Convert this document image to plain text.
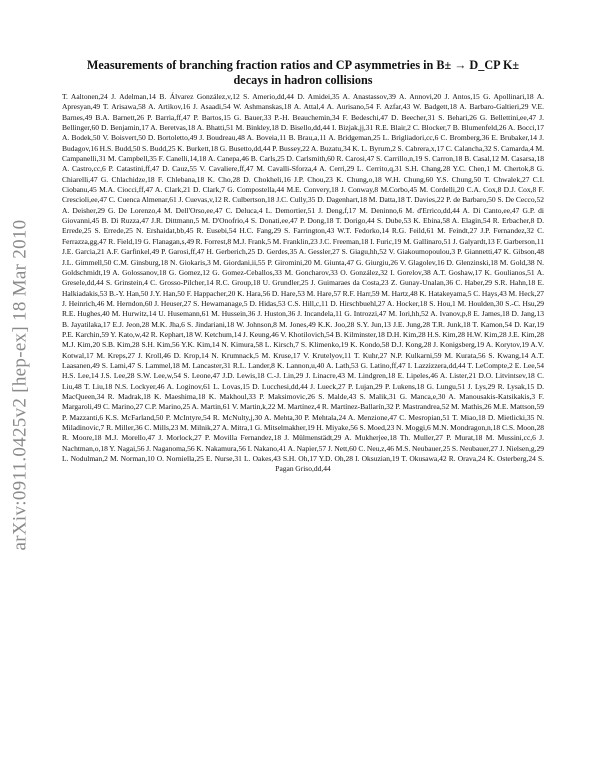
arXiv:0911.0425v2 [hep-ex] 18 Mar 2010
Measurements of branching fraction ratios and CP asymmetries in B± → D_CP K±
decays in hadron collisions
T. Aaltonen,24 J. Adelman,14 B. Álvarez González,v,12 S. Amerio,dd,44 D. Amidei,35 A. Anastassov,39 A. Annovi,20 J. Antos,15 G. Apollinari,18 A. Apresyan,49 T. Arisawa,58 A. Artikov,16 J. Asaadi,54 W. Ashmanskas,18 A. Attal,4 A. Aurisano,54 F. Azfar,43 W. Badgett,18 A. Barbaro-Galtieri,29 V.E. Barnes,49 B.A. Barnett,26 P. Barria,ff,47 P. Bartos,15 G. Bauer,33 P.-H. Beauchemin,34 F. Bedeschi,47 D. Beecher,31 S. Behari,26 G. Bellettini,ee,47 J. Bellinger,60 D. Benjamin,17 A. Beretvas,18 A. Bhatti,51 M. Binkley,18 D. Bisello,dd,44 I. Bizjak,jj,31 R.E. Blair,2 C. Blocker,7 B. Blumenfeld,26 A. Bocci,17 A. Bodek,50 V. Boisvert,50 D. Bortoletto,49 J. Boudreau,48 A. Boveia,11 B. Brau,a,11 A. Bridgeman,25 L. Brigliadori,cc,6 C. Bromberg,36 E. Brubaker,14 J. Budagov,16 H.S. Budd,50 S. Budd,25 K. Burkett,18 G. Busetto,dd,44 P. Bussey,22 A. Buzatu,34 K. L. Byrum,2 S. Cabrera,x,17 C. Calancha,32 S. Camarda,4 M. Campanelli,31 M. Campbell,35 F. Canelli,14,18 A. Canepa,46 B. Carls,25 D. Carlsmith,60 R. Carosi,47 S. Carrillo,n,19 S. Carron,18 B. Casal,12 M. Casarsa,18 A. Castro,cc,6 P. Catastini,ff,47 D. Cauz,55 V. Cavaliere,ff,47 M. Cavalli-Sforza,4 A. Cerri,29 L. Cerrito,q,31 S.H. Chang,28 Y.C. Chen,1 M. Chertok,8 G. Chiarelli,47 G. Chlachidze,18 F. Chlebana,18 K. Cho,28 D. Chokheli,16 J.P. Chou,23 K. Chung,o,18 W.H. Chung,60 Y.S. Chung,50 T. Chwalek,27 C.I. Ciobanu,45 M.A. Ciocci,ff,47 A. Clark,21 D. Clark,7 G. Compostella,44 M.E. Convery,18 J. Conway,8 M.Corbo,45 M. Cordelli,20 C.A. Cox,8 D.J. Cox,8 F. Crescioli,ee,47 C. Cuenca Almenar,61 J. Cuevas,v,12 R. Culbertson,18 J.C. Cully,35 D. Dagenhart,18 M. Datta,18 T. Davies,22 P. de Barbaro,50 S. De Cecco,52 A. Deisher,29 G. De Lorenzo,4 M. Dell'Orso,ee,47 C. Deluca,4 L. Demortier,51 J. Deng,f,17 M. Deninno,6 M. d'Errico,dd,44 A. Di Canto,ee,47 G.P. di Giovanni,45 B. Di Ruzza,47 J.R. Dittmann,5 M. D'Onofrio,4 S. Donati,ee,47 P. Dong,18 T. Dorigo,44 S. Dube,53 K. Ebina,58 A. Elagin,54 R. Erbacher,8 D. Errede,25 S. Errede,25 N. Ershaidat,bb,45 R. Eusebi,54 H.C. Fang,29 S. Farrington,43 W.T. Fedorko,14 R.G. Feild,61 M. Feindt,27 J.P. Fernandez,32 C. Ferrazza,gg,47 R. Field,19 G. Flanagan,s,49 R. Forrest,8 M.J. Frank,5 M. Franklin,23 J.C. Freeman,18 I. Furic,19 M. Gallinaro,51 J. Galyardt,13 F. Garberson,11 J.E. Garcia,21 A.F. Garfinkel,49 P. Garosi,ff,47 H. Gerberich,25 D. Gerdes,35 A. Gessler,27 S. Giagu,hh,52 V. Giakoumopoulou,3 P. Giannetti,47 K. Gibson,48 J.L. Gimmell,50 C.M. Ginsburg,18 N. Giokaris,3 M. Giordani,ii,55 P. Giromini,20 M. Giunta,47 G. Giurgiu,26 V. Glagolev,16 D. Glenzinski,18 M. Gold,38 N. Goldschmidt,19 A. Golossanov,18 G. Gomez,12 G. Gomez-Ceballos,33 M. Goncharov,33 O. González,32 I. Gorelov,38 A.T. Goshaw,17 K. Goulianos,51 A. Gresele,dd,44 S. Grinstein,4 C. Grosso-Pilcher,14 R.C. Group,18 U. Grundler,25 J. Guimaraes da Costa,23 Z. Gunay-Unalan,36 C. Haber,29 S.R. Hahn,18 E. Halkiadakis,53 B.-Y. Han,50 J.Y. Han,50 F. Happacher,20 K. Hara,56 D. Hare,53 M. Hare,57 R.F. Harr,59 M. Hartz,48 K. Hatakeyama,5 C. Hays,43 M. Heck,27 J. Heinrich,46 M. Herndon,60 J. Heuser,27 S. Hewamanage,5 D. Hidas,53 C.S. Hill,c,11 D. Hirschbuehl,27 A. Hocker,18 S. Hou,1 M. Houlden,30 S.-C. Hsu,29 R.E. Hughes,40 M. Hurwitz,14 U. Husemann,61 M. Hussein,36 J. Huston,36 J. Incandela,11 G. Introzzi,47 M. Iori,hh,52 A. Ivanov,p,8 E. James,18 D. Jang,13 B. Jayatilaka,17 E.J. Jeon,28 M.K. Jha,6 S. Jindariani,18 W. Johnson,8 M. Jones,49 K.K. Joo,28 S.Y. Jun,13 J.E. Jung,28 T.R. Junk,18 T. Kamon,54 D. Kar,19 P.E. Karchin,59 Y. Kato,w,42 R. Kephart,18 W. Ketchum,14 J. Keung,46 V. Khotilovich,54 B. Kilminster,18 D.H. Kim,28 H.S. Kim,28 H.W. Kim,28 J.E. Kim,28 M.J. Kim,20 S.B. Kim,28 S.H. Kim,56 Y.K. Kim,14 N. Kimura,58 L. Kirsch,7 S. Klimenko,19 K. Kondo,58 D.J. Kong,28 J. Konigsberg,19 A. Korytov,19 A.V. Kotwal,17 M. Kreps,27 J. Kroll,46 D. Krop,14 N. Krumnack,5 M. Kruse,17 V. Krutelyov,11 T. Kuhr,27 N.P. Kulkarni,59 M. Kurata,56 S. Kwang,14 A.T. Laasanen,49 S. Lami,47 S. Lammel,18 M. Lancaster,31 R.L. Lander,8 K. Lannon,u,40 A. Lath,53 G. Latino,ff,47 I. Lazzizzera,dd,44 T. LeCompte,2 E. Lee,54 H.S. Lee,14 J.S. Lee,28 S.W. Lee,w,54 S. Leone,47 J.D. Lewis,18 C.-J. Lin,29 J. Linacre,43 M. Lindgren,18 E. Lipeles,46 A. Lister,21 D.O. Litvintsev,18 C. Liu,48 T. Liu,18 N.S. Lockyer,46 A. Loginov,61 L. Lovas,15 D. Lucchesi,dd,44 J. Lueck,27 P. Lujan,29 P. Lukens,18 G. Lungu,51 J. Lys,29 R. Lysak,15 D. MacQueen,34 R. Madrak,18 K. Maeshima,18 K. Makhoul,33 P. Maksimovic,26 S. Malde,43 S. Malik,31 G. Manca,e,30 A. Manousakis-Katsikakis,3 F. Margaroli,49 C. Marino,27 C.P. Marino,25 A. Martin,61 V. Martin,k,22 M. Martínez,4 R. Martínez-Ballarín,32 P. Mastrandrea,52 M. Mathis,26 M.E. Mattson,59 P. Mazzanti,6 K.S. McFarland,50 P. McIntyre,54 R. McNulty,j,30 A. Mehta,30 P. Mehtala,24 A. Menzione,47 C. Mesropian,51 T. Miao,18 D. Mietlicki,35 N. Miladinovic,7 R. Miller,36 C. Mills,23 M. Milnik,27 A. Mitra,1 G. Mitselmakher,19 H. Miyake,56 S. Moed,23 N. Moggi,6 M.N. Mondragon,n,18 C.S. Moon,28 R. Moore,18 M.J. Morello,47 J. Morlock,27 P. Movilla Fernandez,18 J. Mülmenstädt,29 A. Mukherjee,18 Th. Muller,27 P. Murat,18 M. Mussini,cc,6 J. Nachtman,o,18 Y. Nagai,56 J. Naganoma,56 K. Nakamura,56 I. Nakano,41 A. Napier,57 J. Nett,60 C. Neu,z,46 M.S. Neubauer,25 S. Neubauer,27 J. Nielsen,g,29 L. Nodulman,2 M. Norman,10 O. Norniella,25 E. Nurse,31 L. Oakes,43 S.H. Oh,17 Y.D. Oh,28 I. Oksuzian,19 T. Okusawa,42 R. Orava,24 K. Osterberg,24 S. Pagan Griso,dd,44
